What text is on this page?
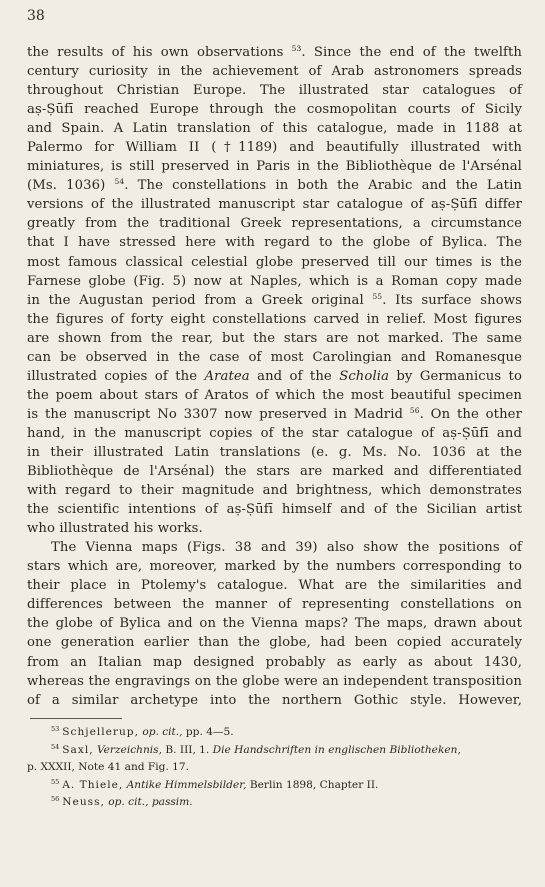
38
the results of his own observations $^{53}$. Since the end of the twelfth
century curiosity in the achievement of Arab astronomers spreads
throughout Christian Europe. The illustrated star catalogues of
aṣ-Ṣūfī reached Europe through the cosmopolitan courts of Sicily
and Spain. A Latin translation of this catalogue, made in 1188 at
Palermo for William II (†1189) and beautifully illustrated with
miniatures, is still preserved in Paris in the Bibliothèque de l'Arsénal
(Ms. 1036) $^{54}$. The constellations in both the Arabic and the Latin
versions of the illustrated manuscript star catalogue of aṣ-Ṣūfī differ
greatly from the traditional Greek representations, a circumstance
that I have stressed here with regard to the globe of Bylica. The
most famous classical celestial globe preserved till our times is the
Farnese globe (Fig. 5) now at Naples, which is a Roman copy made
in the Augustan period from a Greek original $^{55}$. Its surface shows
the figures of forty eight constellations carved in relief. Most figures
are shown from the rear, but the stars are not marked. The same
can be observed in the case of most Carolingian and Romanesque
illustrated copies of the Aratea and of the Scholia by Germanicus to
the poem about stars of Aratos of which the most beautiful specimen
is the manuscript No 3307 now preserved in Madrid $^{56}$. On the other
hand, in the manuscript copies of the star catalogue of aṣ-Ṣūfī and
in their illustrated Latin translations (e. g. Ms. No. 1036 at the
Bibliothèque de l'Arsénal) the stars are marked and differentiated
with regard to their magnitude and brightness, which demonstrates
the scientific intentions of aṣ-Ṣūfī himself and of the Sicilian artist
who illustrated his works.
The Vienna maps (Figs. 38 and 39) also show the positions of
stars which are, moreover, marked by the numbers corresponding to
their place in Ptolemy's catalogue. What are the similarities and
differences between the manner of representing constellations on
the globe of Bylica and on the Vienna maps? The maps, drawn about
one generation earlier than the globe, had been copied accurately
from an Italian map designed probably as early as about 1430,
whereas the engravings on the globe were an independent transposition
of a similar archetype into the northern Gothic style. However,
$^{53}$ Schjellerup, op. cit., pp. 4—5.
$^{54}$ Saxl, Verzeichnis, B. III, 1. Die Handschriften in englischen Bibliotheken,
p. XXXII, Note 41 and Fig. 17.
$^{55}$ A. Thiele, Antike Himmelsbilder, Berlin 1898, Chapter II.
$^{56}$ Neuss, op. cit., passim.
